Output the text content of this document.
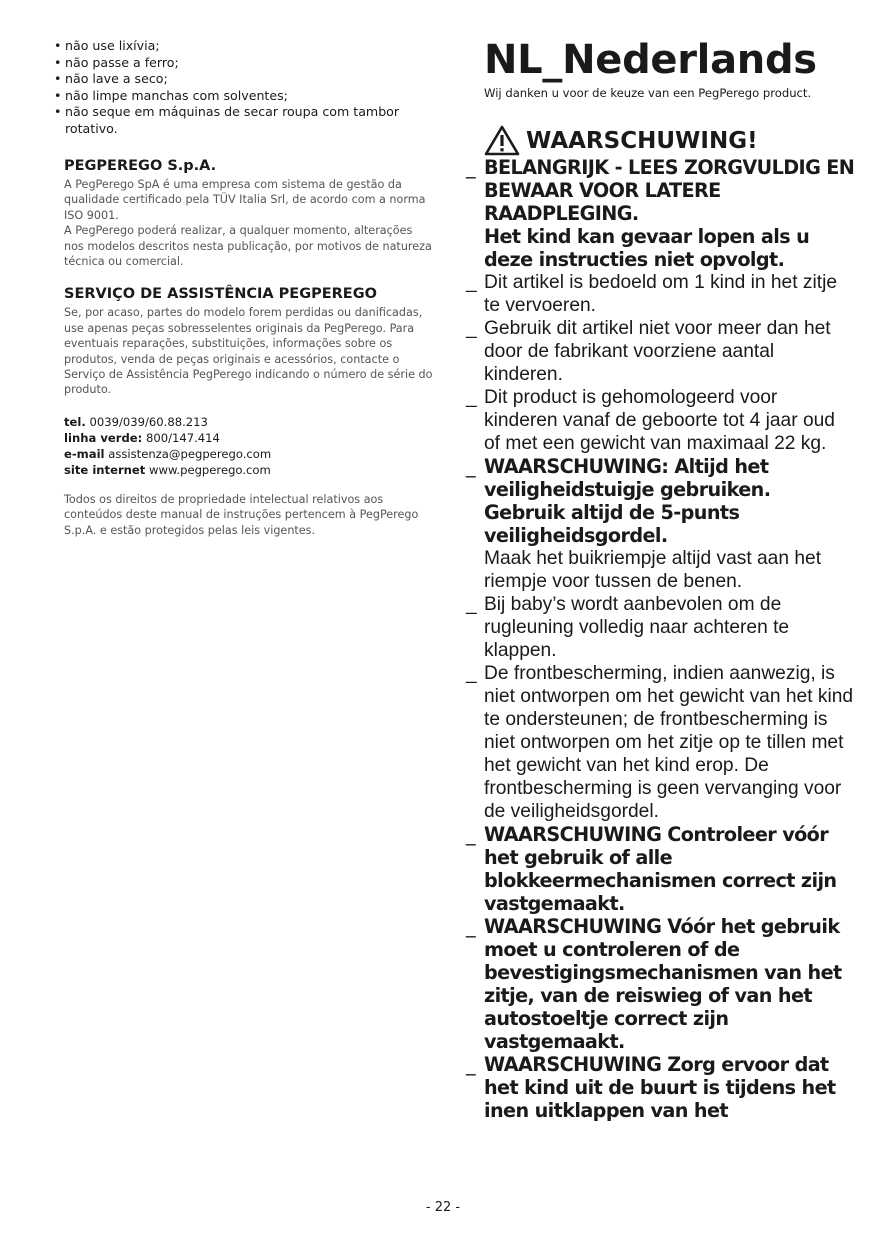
• não use lixívia;
• não passe a ferro;
• não lave a seco;
• não limpe manchas com solventes;
• não seque em máquinas de secar roupa com tambor rotativo.
PEGPEREGO S.p.A.
A PegPerego SpA é uma empresa com sistema de gestão da qualidade certificado pela TÜV Italia Srl, de acordo com a norma ISO 9001.
A PegPerego poderá realizar, a qualquer momento, alterações nos modelos descritos nesta publicação, por motivos de natureza técnica ou comercial.
SERVIÇO DE ASSISTÊNCIA PEGPEREGO
Se, por acaso, partes do modelo forem perdidas ou danificadas, use apenas peças sobresselentes originais da PegPerego. Para eventuais reparações, substituições, informações sobre os produtos, venda de peças originais e acessórios, contacte o Serviço de Assistência PegPerego indicando o número de série do produto.
tel. 0039/039/60.88.213
linha verde: 800/147.414
e-mail assistenza@pegperego.com
site internet www.pegperego.com
Todos os direitos de propriedade intelectual relativos aos conteúdos deste manual de instruções pertencem à PegPerego S.p.A. e estão protegidos pelas leis vigentes.
NL_Nederlands
Wij danken u voor de keuze van een PegPerego product.
WAARSCHUWING!
_ BELANGRIJK - LEES ZORGVULDIG EN BEWAAR VOOR LATERE RAADPLEGING.
Het kind kan gevaar lopen als u deze instructies niet opvolgt.
_ Dit artikel is bedoeld om 1 kind in het zitje te vervoeren.
_ Gebruik dit artikel niet voor meer dan het door de fabrikant voorziene aantal kinderen.
_ Dit product is gehomologeerd voor kinderen vanaf de geboorte tot 4 jaar oud of met een gewicht van maximaal 22 kg.
_ WAARSCHUWING: Altijd het veiligheidstuigje gebruiken. Gebruik altijd de 5-punts veiligheidsgordel.
Maak het buikriempje altijd vast aan het riempje voor tussen de benen.
_ Bij baby’s wordt aanbevolen om de rugleuning volledig naar achteren te klappen.
_ De frontbescherming, indien aanwezig, is niet ontworpen om het gewicht van het kind te ondersteunen; de frontbescherming is niet ontworpen om het zitje op te tillen met het gewicht van het kind erop. De frontbescherming is geen vervanging voor de veiligheidsgordel.
_ WAARSCHUWING Controleer vóór het gebruik of alle blokkeermechanismen correct zijn vastgemaakt.
_ WAARSCHUWING Vóór het gebruik moet u controleren of de bevestigingsmechanismen van het zitje, van de reiswieg of van het autostoeltje correct zijn vastgemaakt.
_ WAARSCHUWING Zorg ervoor dat het kind uit de buurt is tijdens het inen uitklappen van het
- 22 -
